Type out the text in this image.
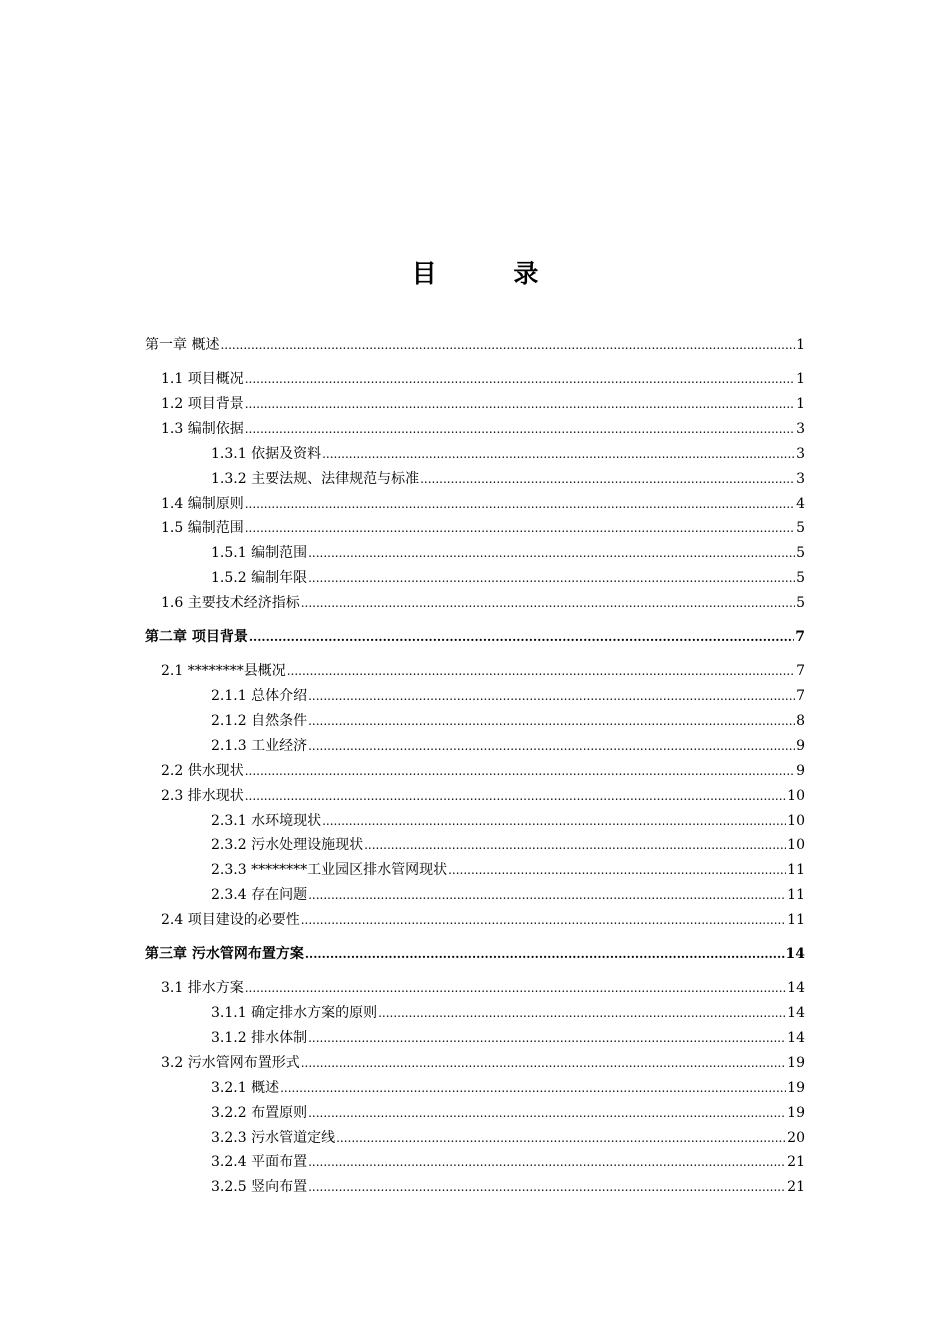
目 录
第一章 概述 .....	1
1.1 项目概况 .....	1
1.2 项目背景 .....	1
1.3 编制依据 .....	3
1.3.1 依据及资料 .....	3
1.3.2 主要法规、法律规范与标准 .....	3
1.4 编制原则 .....	4
1.5 编制范围 .....	5
1.5.1 编制范围 .....	5
1.5.2 编制年限 .....	5
1.6 主要技术经济指标 .....	5
第二章 项目背景 .....	7
2.1 ********县概况 .....	7
2.1.1 总体介绍 .....	7
2.1.2 自然条件 .....	8
2.1.3 工业经济 .....	9
2.2 供水现状 .....	9
2.3 排水现状 .....	10
2.3.1 水环境现状 .....	10
2.3.2 污水处理设施现状 .....	10
2.3.3 ********工业园区排水管网现状 .....	11
2.3.4 存在问题 .....	11
2.4 项目建设的必要性 .....	11
第三章 污水管网布置方案 .....	14
3.1 排水方案 .....	14
3.1.1 确定排水方案的原则 .....	14
3.1.2 排水体制 .....	14
3.2 污水管网布置形式 .....	19
3.2.1 概述 .....	19
3.2.2 布置原则 .....	19
3.2.3 污水管道定线 .....	20
3.2.4 平面布置 .....	21
3.2.5 竖向布置 .....	21
